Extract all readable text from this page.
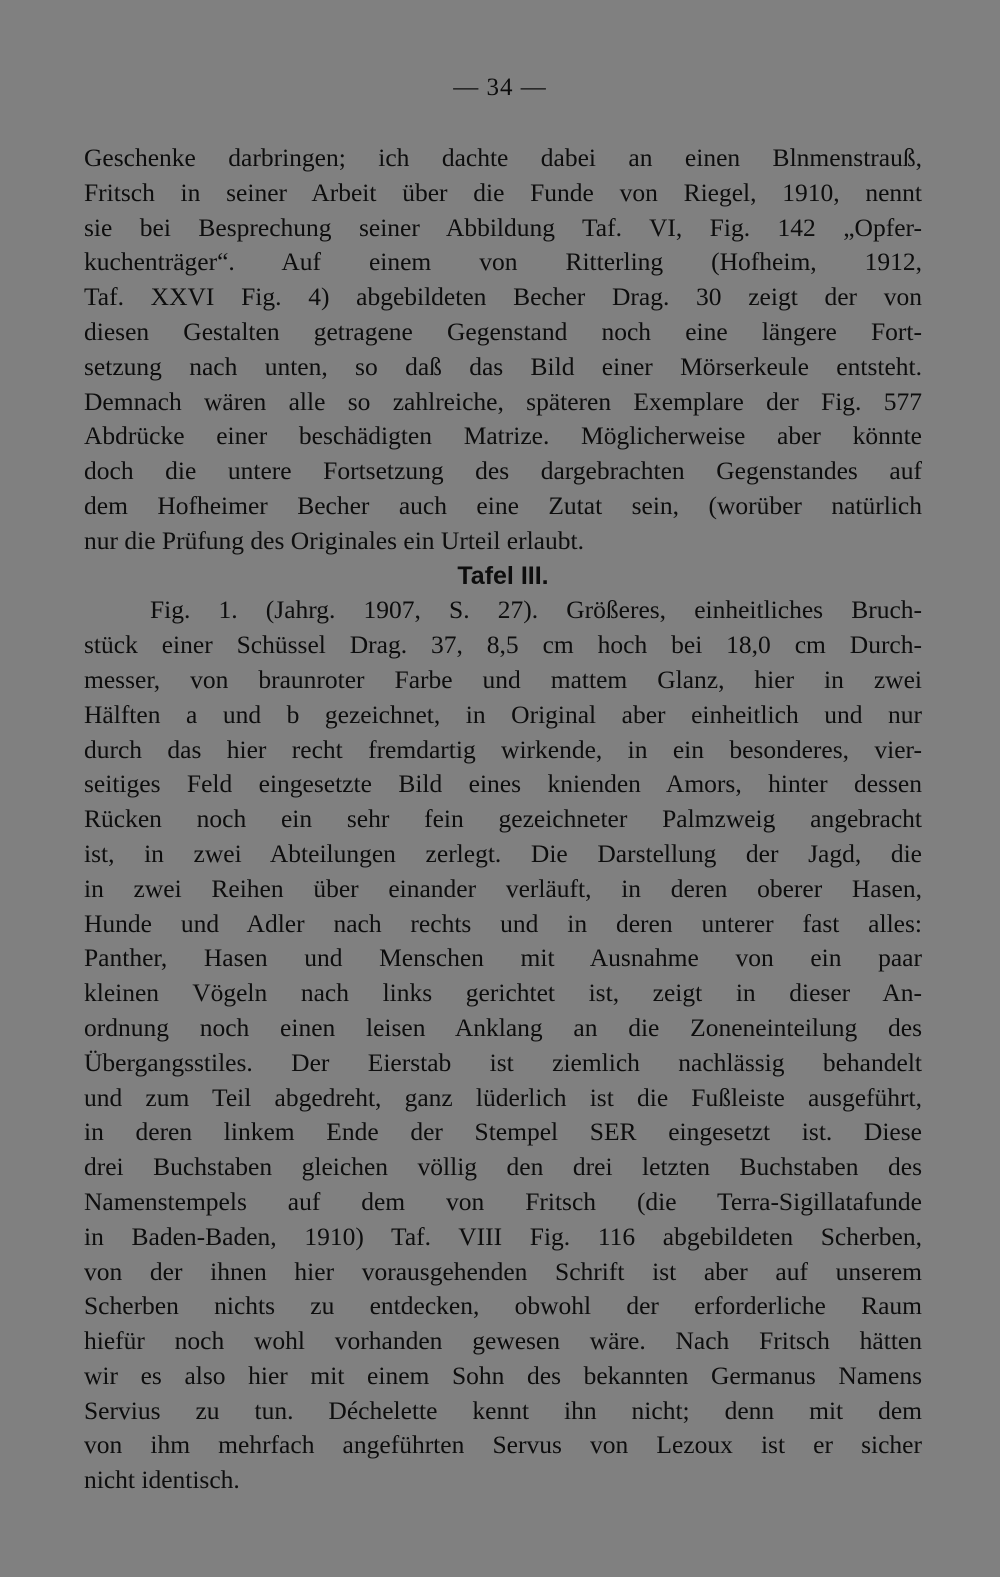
— 34 —
Geschenke darbringen; ich dachte dabei an einen Blnmenstrauß,
Fritsch in seiner Arbeit über die Funde von Riegel, 1910, nennt
sie bei Besprechung seiner Abbildung Taf. VI, Fig. 142 „Opfer-
kuchenträger“. Auf einem von Ritterling (Hofheim, 1912,
Taf. XXVI Fig. 4) abgebildeten Becher Drag. 30 zeigt der von
diesen Gestalten getragene Gegenstand noch eine längere Fort-
setzung nach unten, so daß das Bild einer Mörserkeule entsteht.
Demnach wären alle so zahlreiche, späteren Exemplare der Fig. 577
Abdrücke einer beschädigten Matrize. Möglicherweise aber könnte
doch die untere Fortsetzung des dargebrachten Gegenstandes auf
dem Hofheimer Becher auch eine Zutat sein, (worüber natürlich
nur die Prüfung des Originales ein Urteil erlaubt.
Tafel III.
Fig. 1. (Jahrg. 1907, S. 27). Größeres, einheitliches Bruch-
stück einer Schüssel Drag. 37, 8,5 cm hoch bei 18,0 cm Durch-
messer, von braunroter Farbe und mattem Glanz, hier in zwei
Hälften a und b gezeichnet, in Original aber einheitlich und nur
durch das hier recht fremdartig wirkende, in ein besonderes, vier-
seitiges Feld eingesetzte Bild eines knienden Amors, hinter dessen
Rücken noch ein sehr fein gezeichneter Palmzweig angebracht
ist, in zwei Abteilungen zerlegt. Die Darstellung der Jagd, die
in zwei Reihen über einander verläuft, in deren oberer Hasen,
Hunde und Adler nach rechts und in deren unterer fast alles:
Panther, Hasen und Menschen mit Ausnahme von ein paar
kleinen Vögeln nach links gerichtet ist, zeigt in dieser An-
ordnung noch einen leisen Anklang an die Zoneneinteilung des
Übergangsstiles. Der Eierstab ist ziemlich nachlässig behandelt
und zum Teil abgedreht, ganz lüderlich ist die Fußleiste ausgeführt,
in deren linkem Ende der Stempel SER eingesetzt ist. Diese
drei Buchstaben gleichen völlig den drei letzten Buchstaben des
Namenstempels auf dem von Fritsch (die Terra-Sigillatafunde
in Baden-Baden, 1910) Taf. VIII Fig. 116 abgebildeten Scherben,
von der ihnen hier vorausgehenden Schrift ist aber auf unserem
Scherben nichts zu entdecken, obwohl der erforderliche Raum
hiefür noch wohl vorhanden gewesen wäre. Nach Fritsch hätten
wir es also hier mit einem Sohn des bekannten Germanus Namens
Servius zu tun. Déchelette kennt ihn nicht; denn mit dem
von ihm mehrfach angeführten Servus von Lezoux ist er sicher
nicht identisch.
